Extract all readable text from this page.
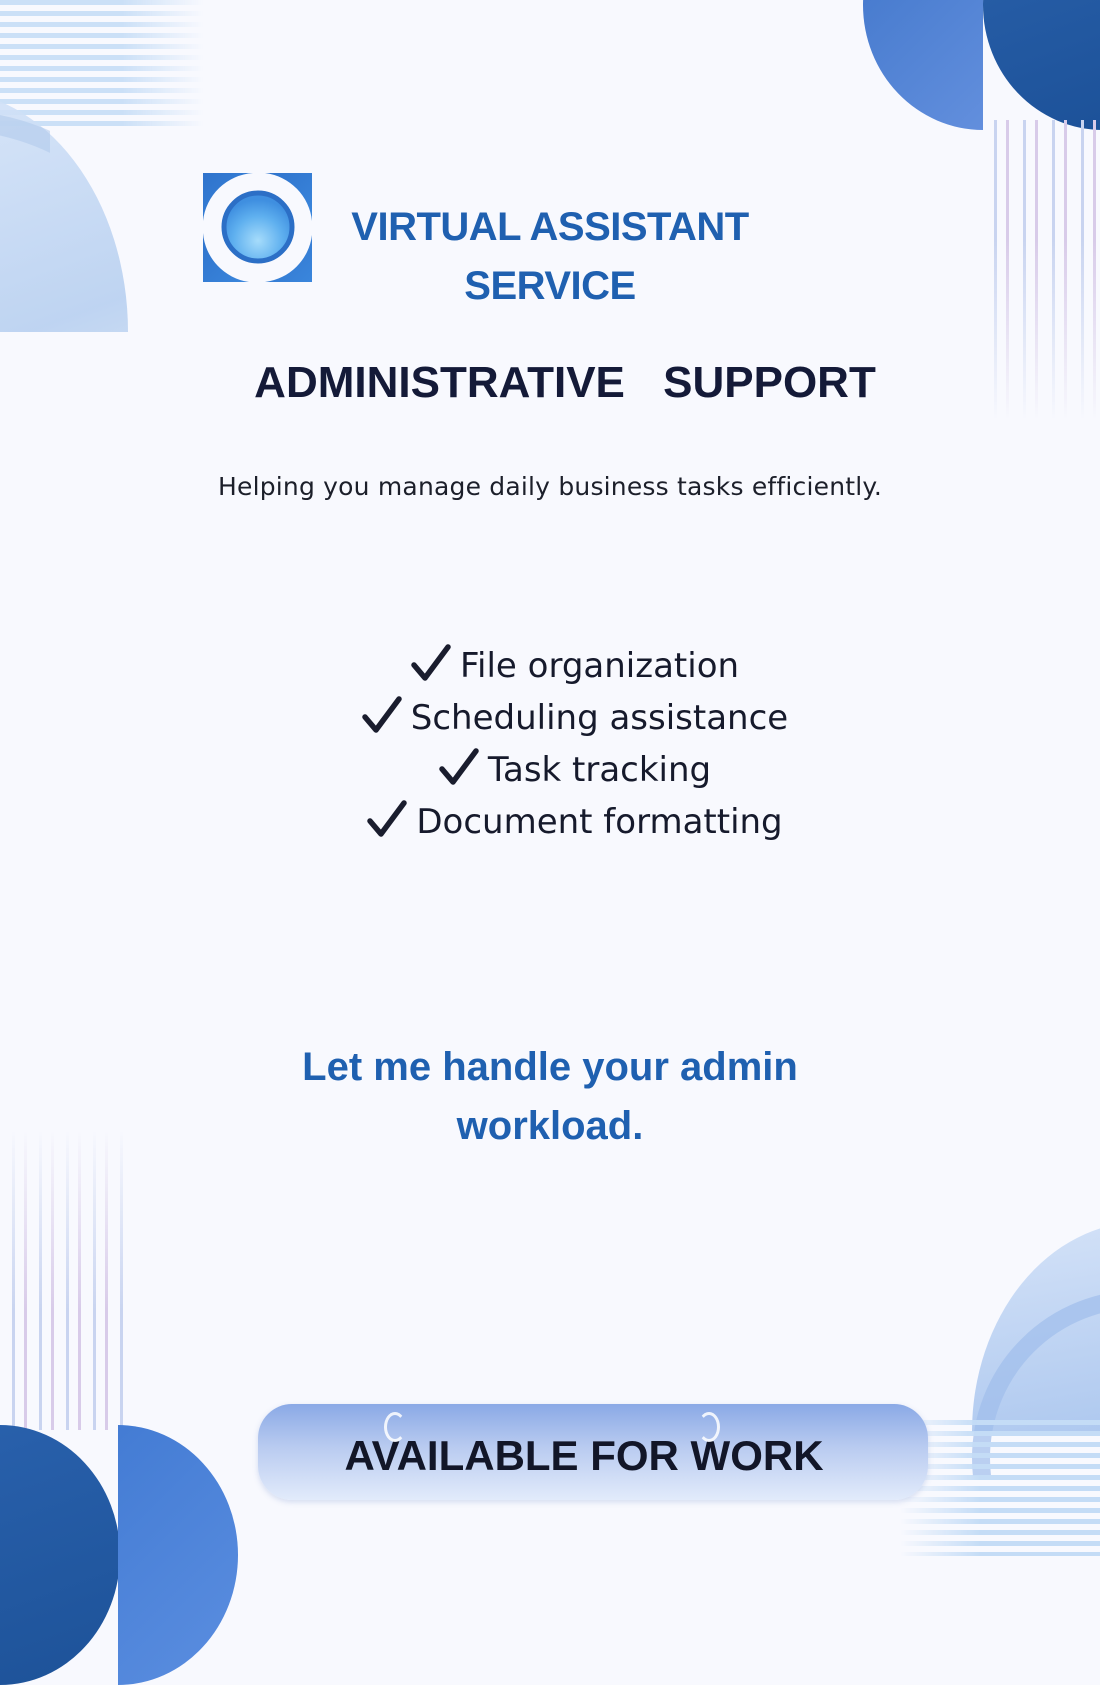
VIRTUAL ASSISTANT
SERVICE
ADMINISTRATIVE SUPPORT
Helping you manage daily business tasks efficiently.
File organization
Scheduling assistance
Task tracking
Document formatting
Let me handle your admin
workload.
AVAILABLE FOR WORK
